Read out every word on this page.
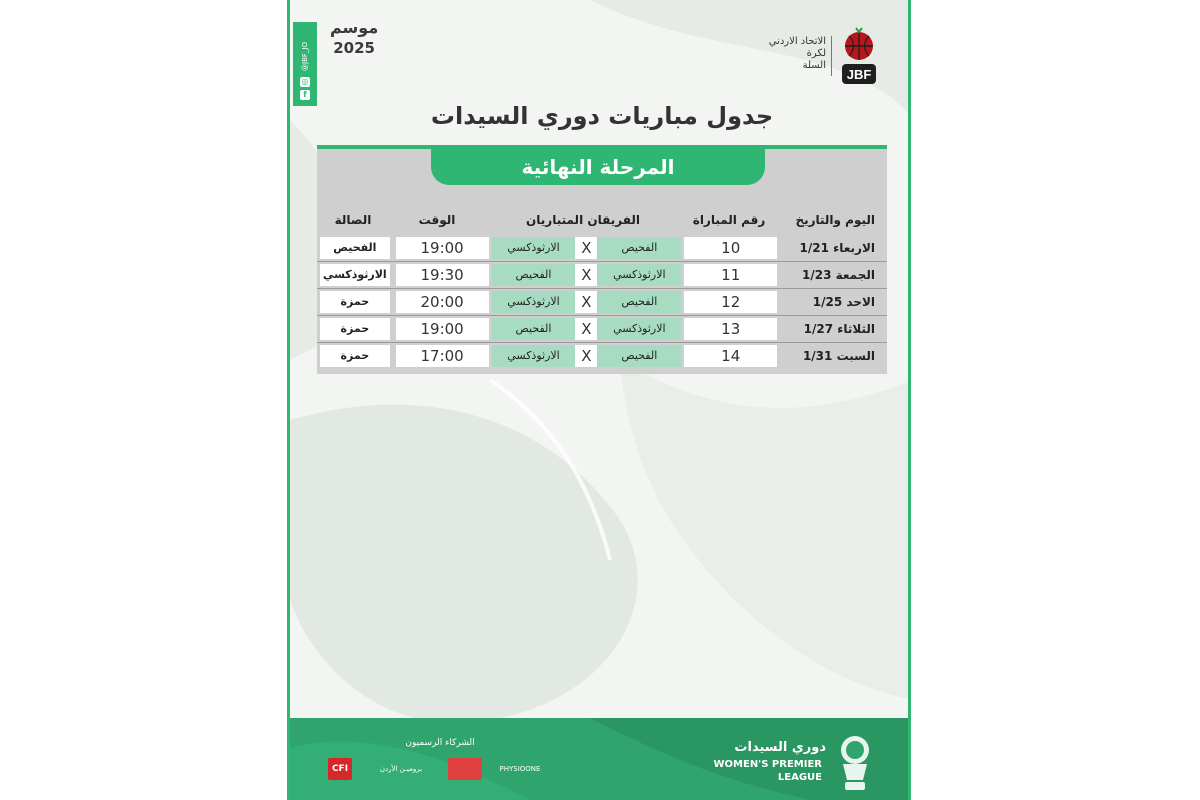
موسم
2025
@JBF_JO
◎
f
الاتحاد الاردني
لكرة
السلة
JBF
جدول مباريات دوري السيدات
المرحلة النهائية
اليوم والتاريخ
رقم المباراة
الفريقان المتباريان
الوقت
الصالة
الاربعاء 1/21
10
الفحيص
X
الارثوذكسي
19:00
الفحيص
الجمعة 1/23
11
الارثوذكسي
X
الفحيص
19:30
الارثوذكسي
الاحد 1/25
12
الفحيص
X
الارثوذكسي
20:00
حمزة
الثلاثاء 1/27
13
الارثوذكسي
X
الفحيص
19:00
حمزة
السبت 1/31
14
الفحيص
X
الارثوذكسي
17:00
حمزة
الشركاء الرسميون
CFI	بروميـن الأردن	PHYSIOONE
دوري السيدات
WOMEN'S PREMIER
LEAGUE
